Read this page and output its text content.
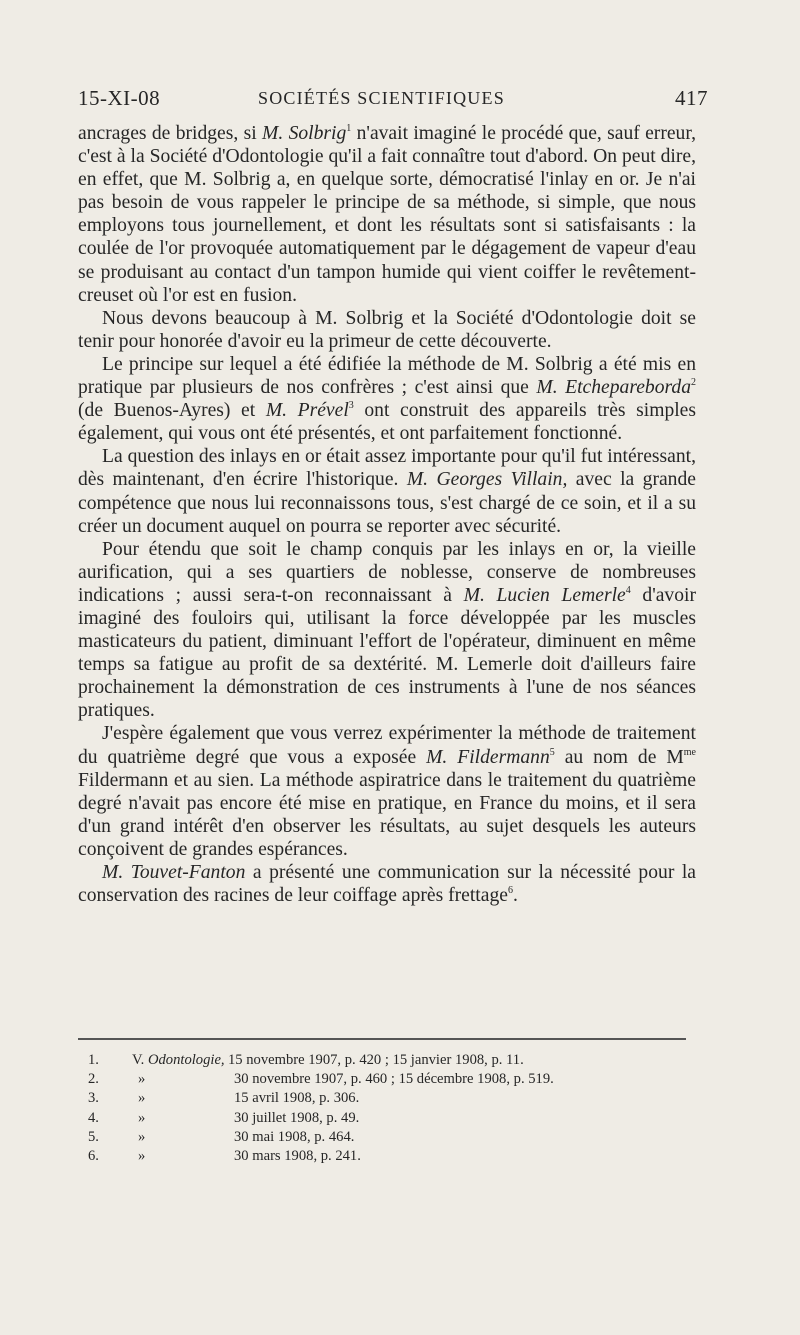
15-XI-08	SOCIÉTÉS SCIENTIFIQUES	417

ancrages de bridges, si M. Solbrig$^1$ n'avait imaginé le procédé que, sauf erreur, c'est à la Société d'Odontologie qu'il a fait connaître tout d'abord. On peut dire, en effet, que M. Solbrig a, en quelque sorte, démocratisé l'inlay en or. Je n'ai pas besoin de vous rappeler le principe de sa méthode, si simple, que nous employons tous journellement, et dont les résultats sont si satisfaisants : la coulée de l'or provoquée automatiquement par le dégagement de vapeur d'eau se produisant au contact d'un tampon humide qui vient coiffer le revêtement-creuset où l'or est en fusion.

Nous devons beaucoup à M. Solbrig et la Société d'Odontologie doit se tenir pour honorée d'avoir eu la primeur de cette découverte.

Le principe sur lequel a été édifiée la méthode de M. Solbrig a été mis en pratique par plusieurs de nos confrères ; c'est ainsi que M. Etchepareborda$^2$ (de Buenos-Ayres) et M. Prével$^3$ ont construit des appareils très simples également, qui vous ont été présentés, et ont parfaitement fonctionné.

La question des inlays en or était assez importante pour qu'il fut intéressant, dès maintenant, d'en écrire l'historique. M. Georges Villain, avec la grande compétence que nous lui reconnaissons tous, s'est chargé de ce soin, et il a su créer un document auquel on pourra se reporter avec sécurité.

Pour étendu que soit le champ conquis par les inlays en or, la vieille aurification, qui a ses quartiers de noblesse, conserve de nombreuses indications ; aussi sera-t-on reconnaissant à M. Lucien Lemerle$^4$ d'avoir imaginé des fouloirs qui, utilisant la force développée par les muscles masticateurs du patient, diminuant l'effort de l'opérateur, diminuent en même temps sa fatigue au profit de sa dextérité. M. Lemerle doit d'ailleurs faire prochainement la démonstration de ces instruments à l'une de nos séances pratiques.

J'espère également que vous verrez expérimenter la méthode de traitement du quatrième degré que vous a exposée M. Fildermann$^5$ au nom de $M^{me}$ Fildermann et au sien. La méthode aspiratrice dans le traitement du quatrième degré n'avait pas encore été mise en pratique, en France du moins, et il sera d'un grand intérêt d'en observer les résultats, au sujet desquels les auteurs conçoivent de grandes espérances.

M. Touvet-Fanton a présenté une communication sur la nécessité pour la conservation des racines de leur coiffage après frettage$^6$.

1.	V. Odontologie, 15 novembre 1907, p. 420 ; 15 janvier 1908, p. 11.
2.	»	30 novembre 1907, p. 460 ; 15 décembre 1908, p. 519.
3.	»	15 avril 1908, p. 306.
4.	»	30 juillet 1908, p. 49.
5.	»	30 mai 1908, p. 464.
6.	»	30 mars 1908, p. 241.
